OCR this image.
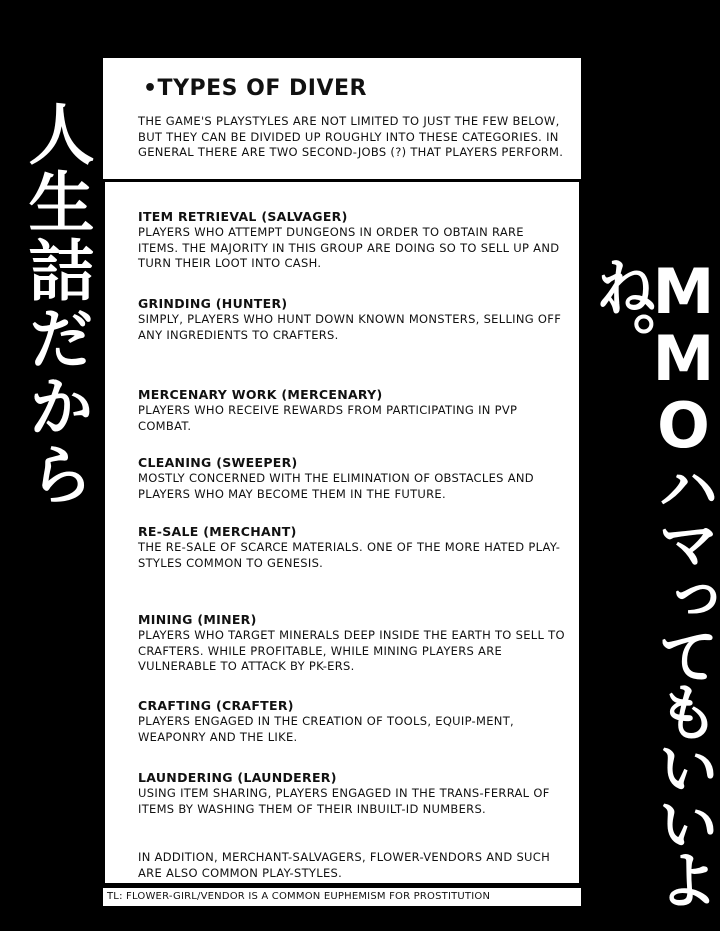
人生詰だから	MMOハマってもいいよね。
•TYPES OF DIVER
THE GAME'S PLAYSTYLES ARE NOT LIMITED TO JUST THE FEW BELOW, BUT THEY CAN BE DIVIDED UP ROUGHLY INTO THESE CATEGORIES. IN GENERAL THERE ARE TWO SECOND-JOBS (?) THAT PLAYERS PERFORM.
ITEM RETRIEVAL (SALVAGER)
PLAYERS WHO ATTEMPT DUNGEONS IN ORDER TO OBTAIN RARE ITEMS. THE MAJORITY IN THIS GROUP ARE DOING SO TO SELL UP AND TURN THEIR LOOT INTO CASH.
GRINDING (HUNTER)
SIMPLY, PLAYERS WHO HUNT DOWN KNOWN MONSTERS, SELLING OFF ANY INGREDIENTS TO CRAFTERS.
MERCENARY WORK (MERCENARY)
PLAYERS WHO RECEIVE REWARDS FROM PARTICIPATING IN PVP COMBAT.
CLEANING (SWEEPER)
MOSTLY CONCERNED WITH THE ELIMINATION OF OBSTACLES AND PLAYERS WHO MAY BECOME THEM IN THE FUTURE.
RE-SALE (MERCHANT)
THE RE-SALE OF SCARCE MATERIALS. ONE OF THE MORE HATED PLAY-STYLES COMMON TO GENESIS.
MINING (MINER)
PLAYERS WHO TARGET MINERALS DEEP INSIDE THE EARTH TO SELL TO CRAFTERS. WHILE PROFITABLE, WHILE MINING PLAYERS ARE VULNERABLE TO ATTACK BY PK-ERS.
CRAFTING (CRAFTER)
PLAYERS ENGAGED IN THE CREATION OF TOOLS, EQUIP-MENT, WEAPONRY AND THE LIKE.
LAUNDERING (LAUNDERER)
USING ITEM SHARING, PLAYERS ENGAGED IN THE TRANS-FERRAL OF ITEMS BY WASHING THEM OF THEIR INBUILT-ID NUMBERS.
IN ADDITION, MERCHANT-SALVAGERS, FLOWER-VENDORS AND SUCH ARE ALSO COMMON PLAY-STYLES.
TL: FLOWER-GIRL/VENDOR IS A COMMON EUPHEMISM FOR PROSTITUTION
